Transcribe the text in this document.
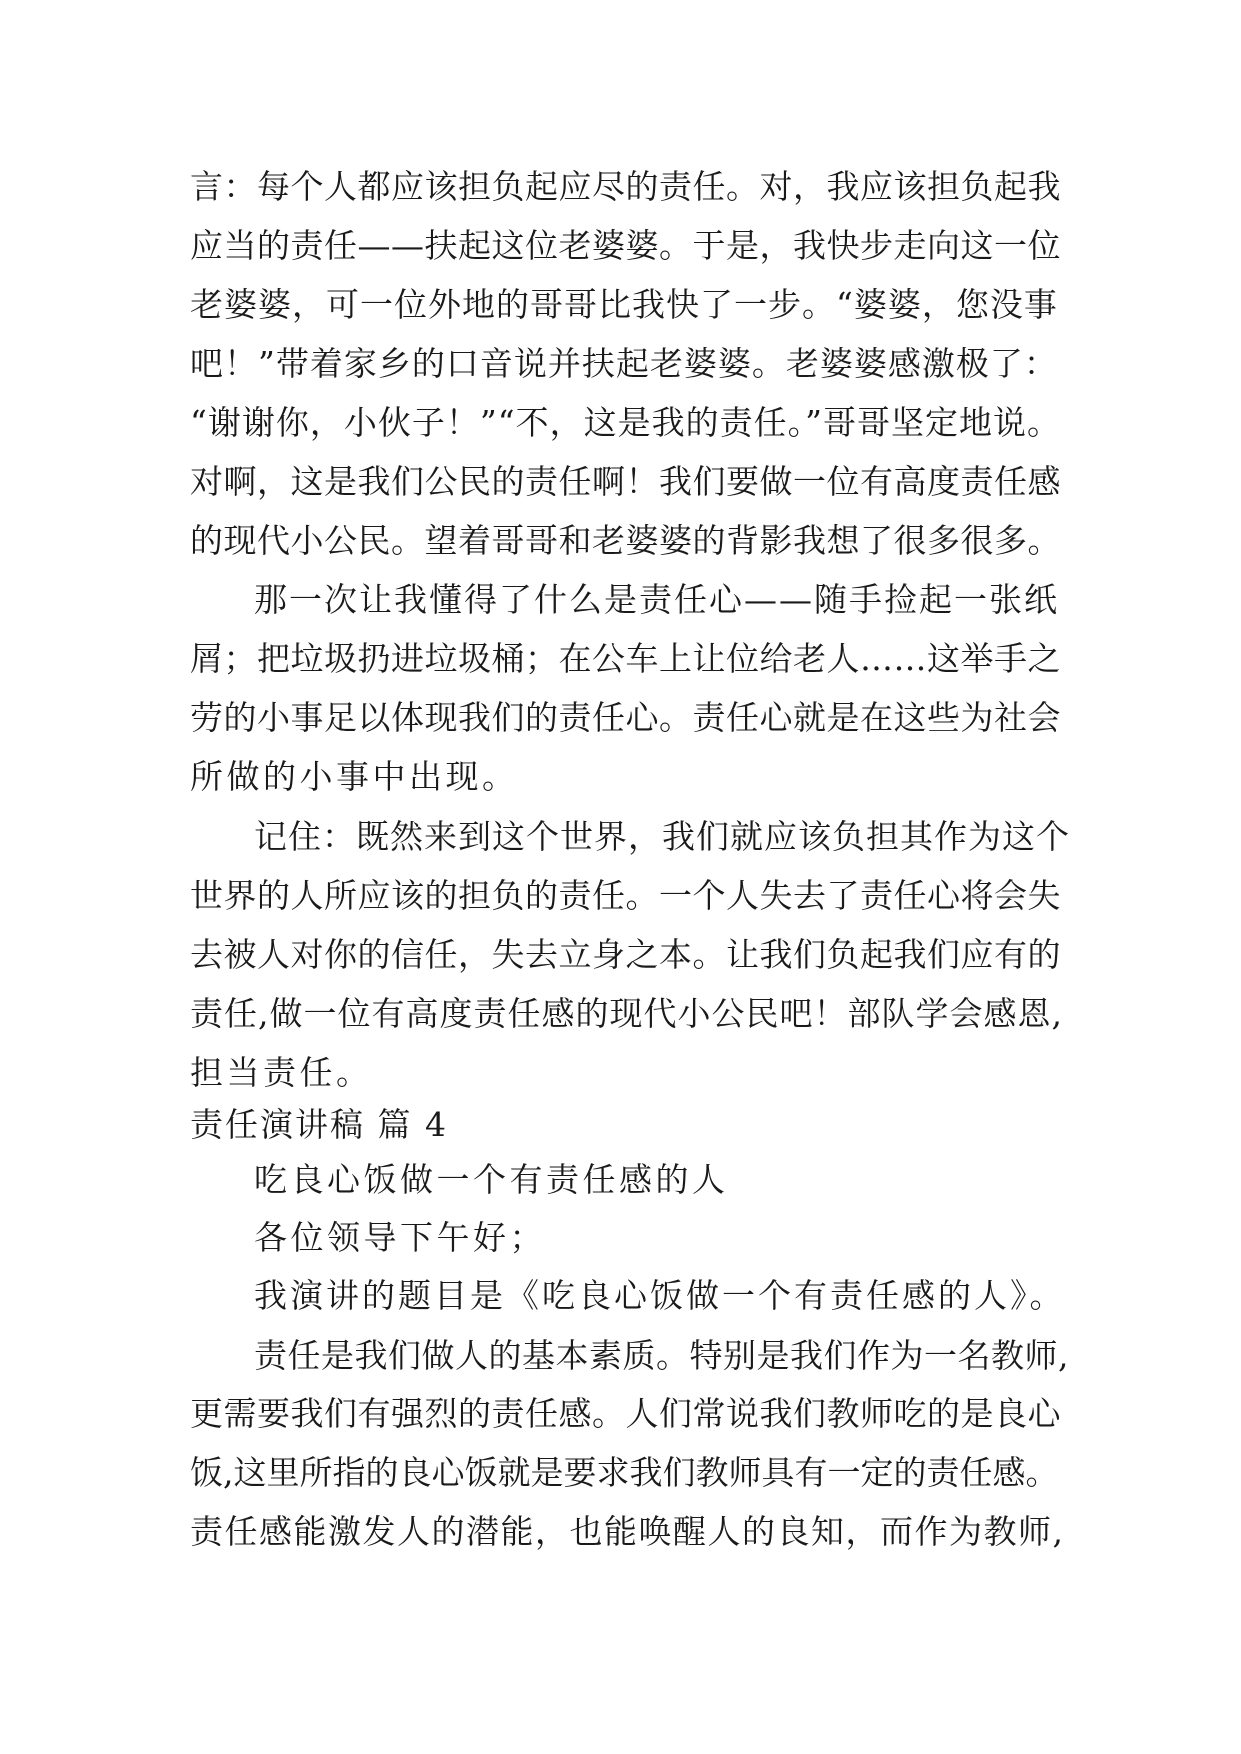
言：每个人都应该担负起应尽的责任。对，我应该担负起我
应当的责任——扶起这位老婆婆。于是，我快步走向这一位
老婆婆，可一位外地的哥哥比我快了一步。“婆婆，您没事
吧！”带着家乡的口音说并扶起老婆婆。老婆婆感激极了：
“谢谢你，小伙子！”“不，这是我的责任。”哥哥坚定地说。
对啊，这是我们公民的责任啊！我们要做一位有高度责任感
的现代小公民。望着哥哥和老婆婆的背影我想了很多很多。
那一次让我懂得了什么是责任心——随手捡起一张纸
屑；把垃圾扔进垃圾桶；在公车上让位给老人……这举手之
劳的小事足以体现我们的责任心。责任心就是在这些为社会
所做的小事中出现。
记住：既然来到这个世界，我们就应该负担其作为这个
世界的人所应该的担负的责任。一个人失去了责任心将会失
去被人对你的信任，失去立身之本。让我们负起我们应有的
责任,做一位有高度责任感的现代小公民吧！部队学会感恩,
担当责任。
责任演讲稿 篇 4
吃良心饭做一个有责任感的人
各位领导下午好；
我演讲的题目是《吃良心饭做一个有责任感的人》。
责任是我们做人的基本素质。特别是我们作为一名教师,
更需要我们有强烈的责任感。人们常说我们教师吃的是良心
饭,这里所指的良心饭就是要求我们教师具有一定的责任感。
责任感能激发人的潜能，也能唤醒人的良知，而作为教师,
